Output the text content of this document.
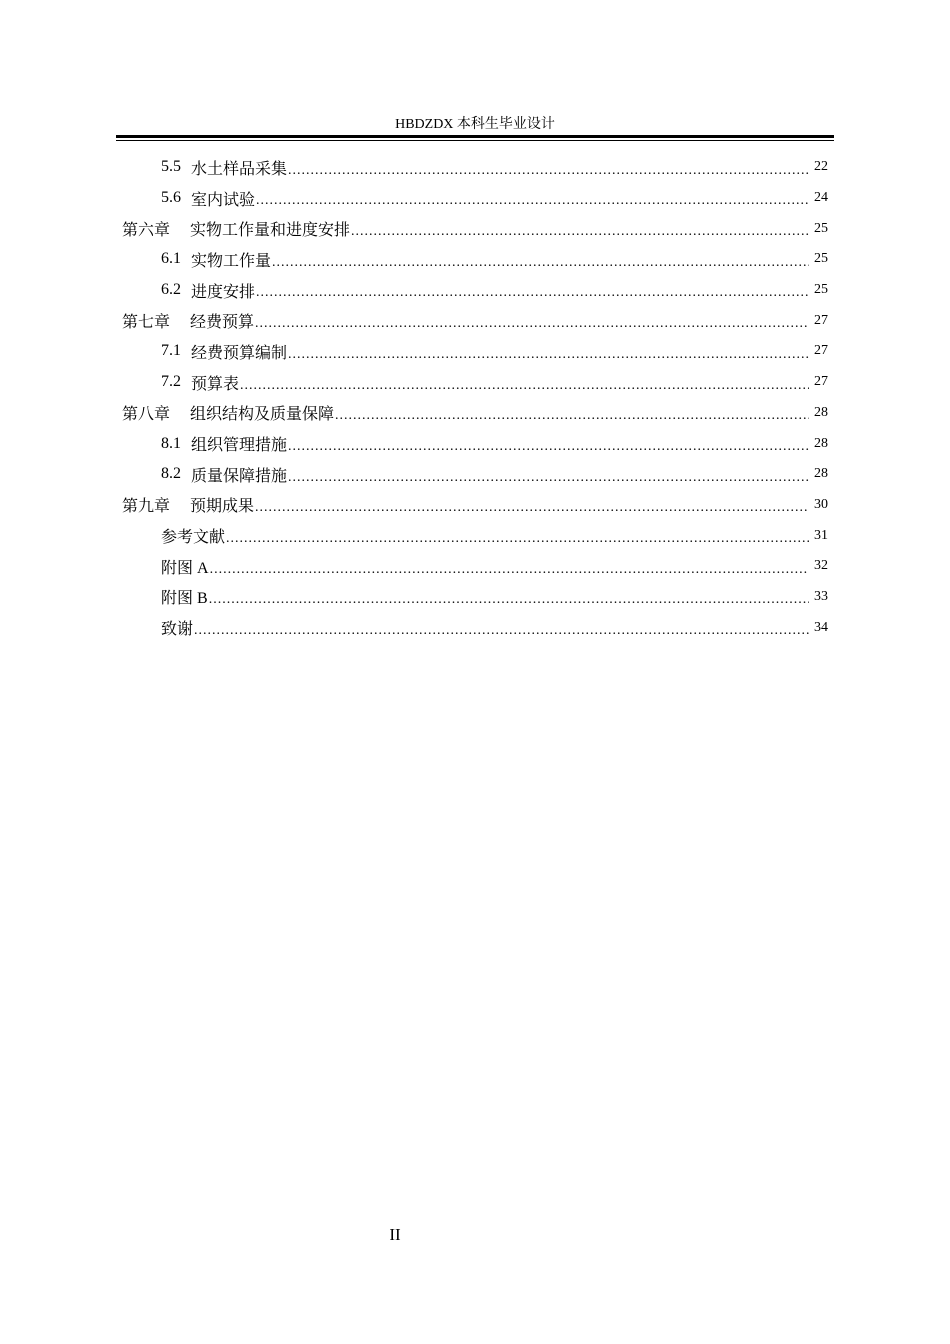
HBDZDX 本科生毕业设计
5.5 水土样品采集 .....	22
5.6 室内试验 .....	24
第六章 实物工作量和进度安排 .....	25
6.1 实物工作量 .....	25
6.2 进度安排 .....	25
第七章 经费预算 .....	27
7.1 经费预算编制 .....	27
7.2 预算表 .....	27
第八章 组织结构及质量保障 .....	28
8.1 组织管理措施 .....	28
8.2 质量保障措施 .....	28
第九章 预期成果 .....	30
参考文献 .....	31
附图 A .....	32
附图 B .....	33
致谢 .....	34
II
